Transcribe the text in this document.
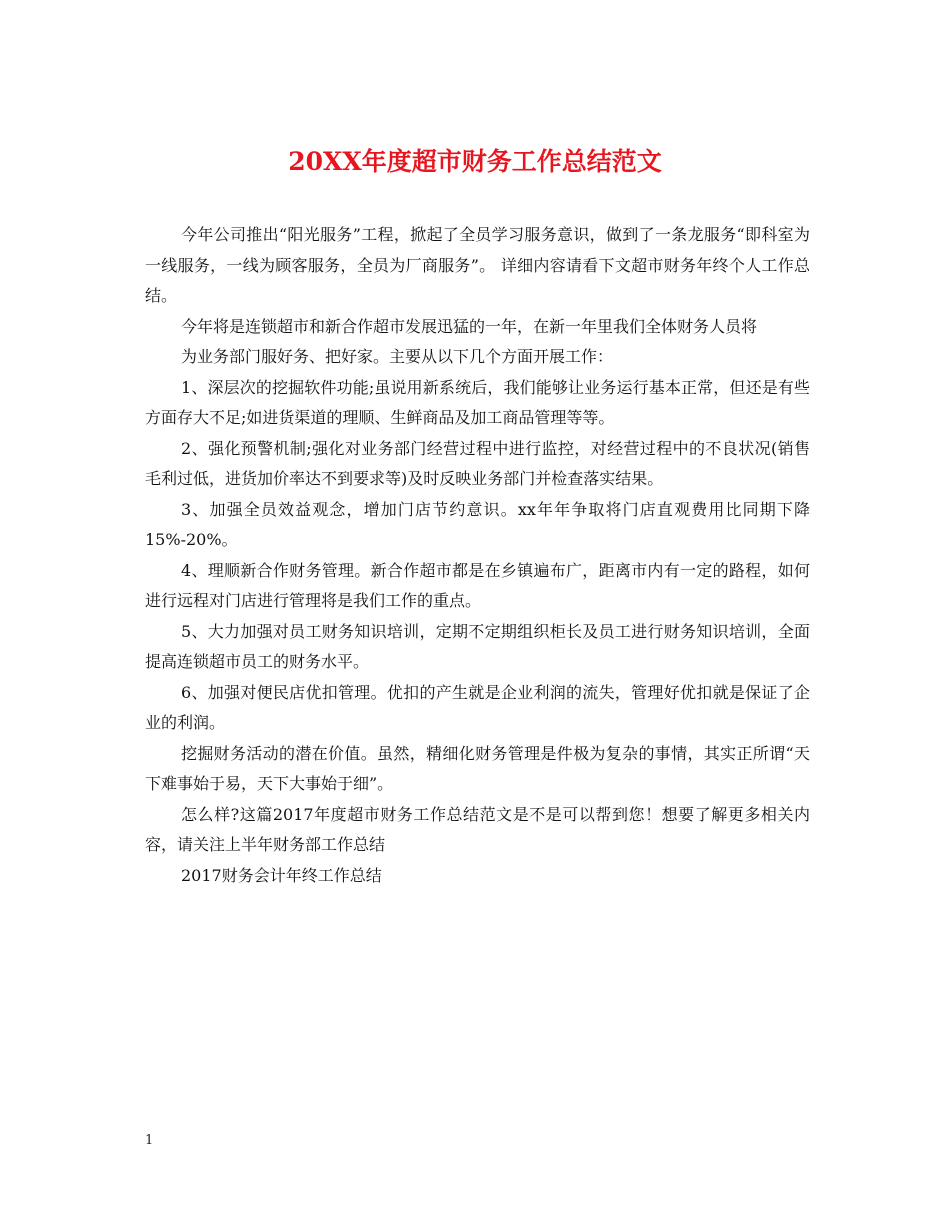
20XX年度超市财务工作总结范文

今年公司推出“阳光服务”工程，掀起了全员学习服务意识，做到了一条龙服务“即科室为一线服务，一线为顾客服务，全员为厂商服务”。 详细内容请看下文超市财务年终个人工作总结。

今年将是连锁超市和新合作超市发展迅猛的一年，在新一年里我们全体财务人员将

为业务部门服好务、把好家。主要从以下几个方面开展工作：

1、深层次的挖掘软件功能;虽说用新系统后，我们能够让业务运行基本正常，但还是有些方面存大不足;如进货渠道的理顺、生鲜商品及加工商品管理等等。

2、强化预警机制;强化对业务部门经营过程中进行监控，对经营过程中的不良状况(销售毛利过低，进货加价率达不到要求等)及时反映业务部门并检查落实结果。

3、加强全员效益观念，增加门店节约意识。xx年年争取将门店直观费用比同期下降15%-20%。

4、理顺新合作财务管理。新合作超市都是在乡镇遍布广，距离市内有一定的路程，如何进行远程对门店进行管理将是我们工作的重点。

5、大力加强对员工财务知识培训，定期不定期组织柜长及员工进行财务知识培训，全面提高连锁超市员工的财务水平。

6、加强对便民店优扣管理。优扣的产生就是企业利润的流失，管理好优扣就是保证了企业的利润。

挖掘财务活动的潜在价值。虽然，精细化财务管理是件极为复杂的事情，其实正所谓“天下难事始于易，天下大事始于细”。

怎么样?这篇2017年度超市财务工作总结范文是不是可以帮到您！想要了解更多相关内容，请关注上半年财务部工作总结

2017财务会计年终工作总结

1
